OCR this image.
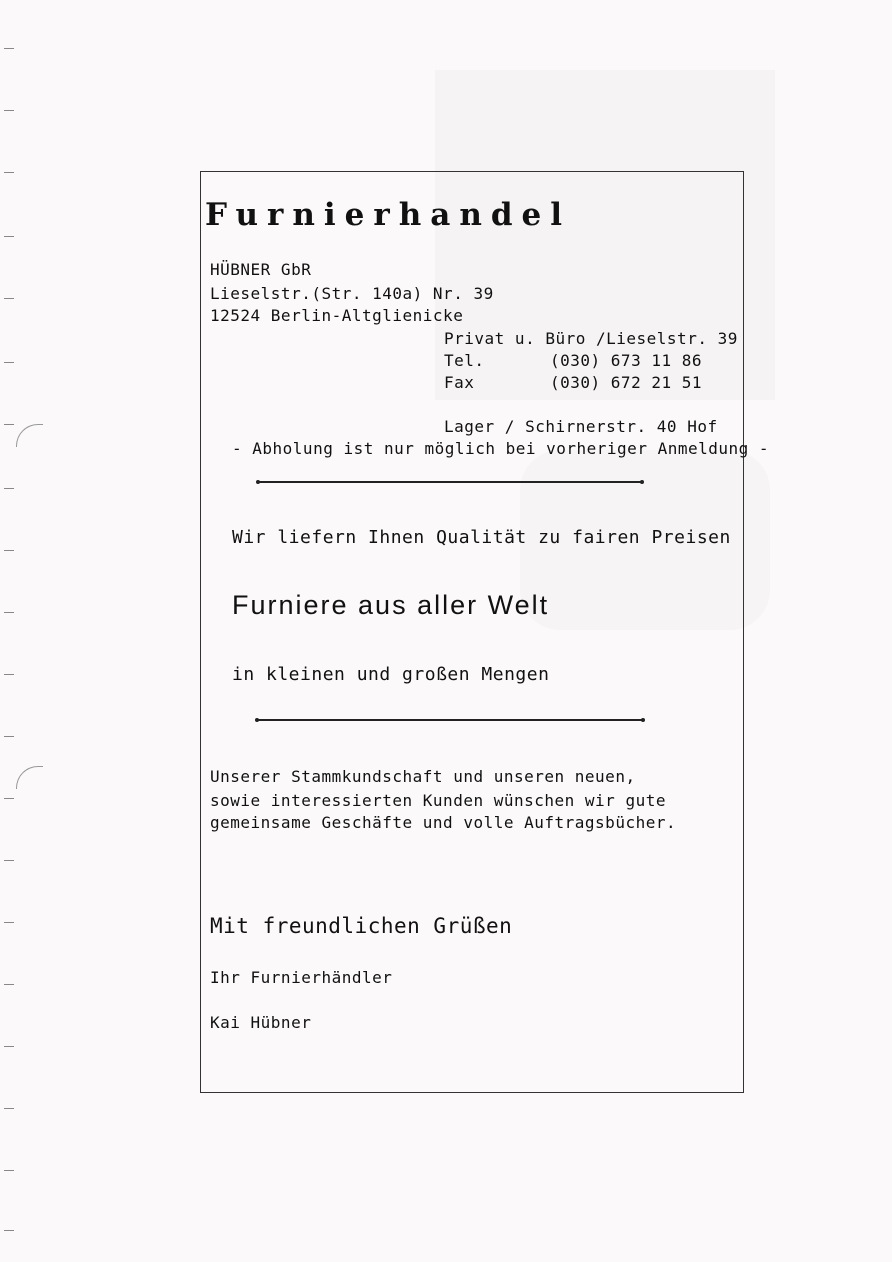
Furnierhandel
HÜBNER GbR
Lieselstr.(Str. 140a) Nr. 39
12524 Berlin-Altglienicke
Privat u. Büro /Lieselstr. 39
Tel.	(030) 673 11 86
Fax	(030) 672 21 51
Lager / Schirnerstr. 40 Hof
- Abholung ist nur möglich bei vorheriger Anmeldung -
Wir liefern Ihnen Qualität zu fairen Preisen
Furniere aus aller Welt
in kleinen und großen Mengen
Unserer Stammkundschaft und unseren neuen,
sowie interessierten Kunden wünschen wir gute
gemeinsame Geschäfte und volle Auftragsbücher.
Mit freundlichen Grüßen
Ihr Furnierhändler
Kai Hübner
